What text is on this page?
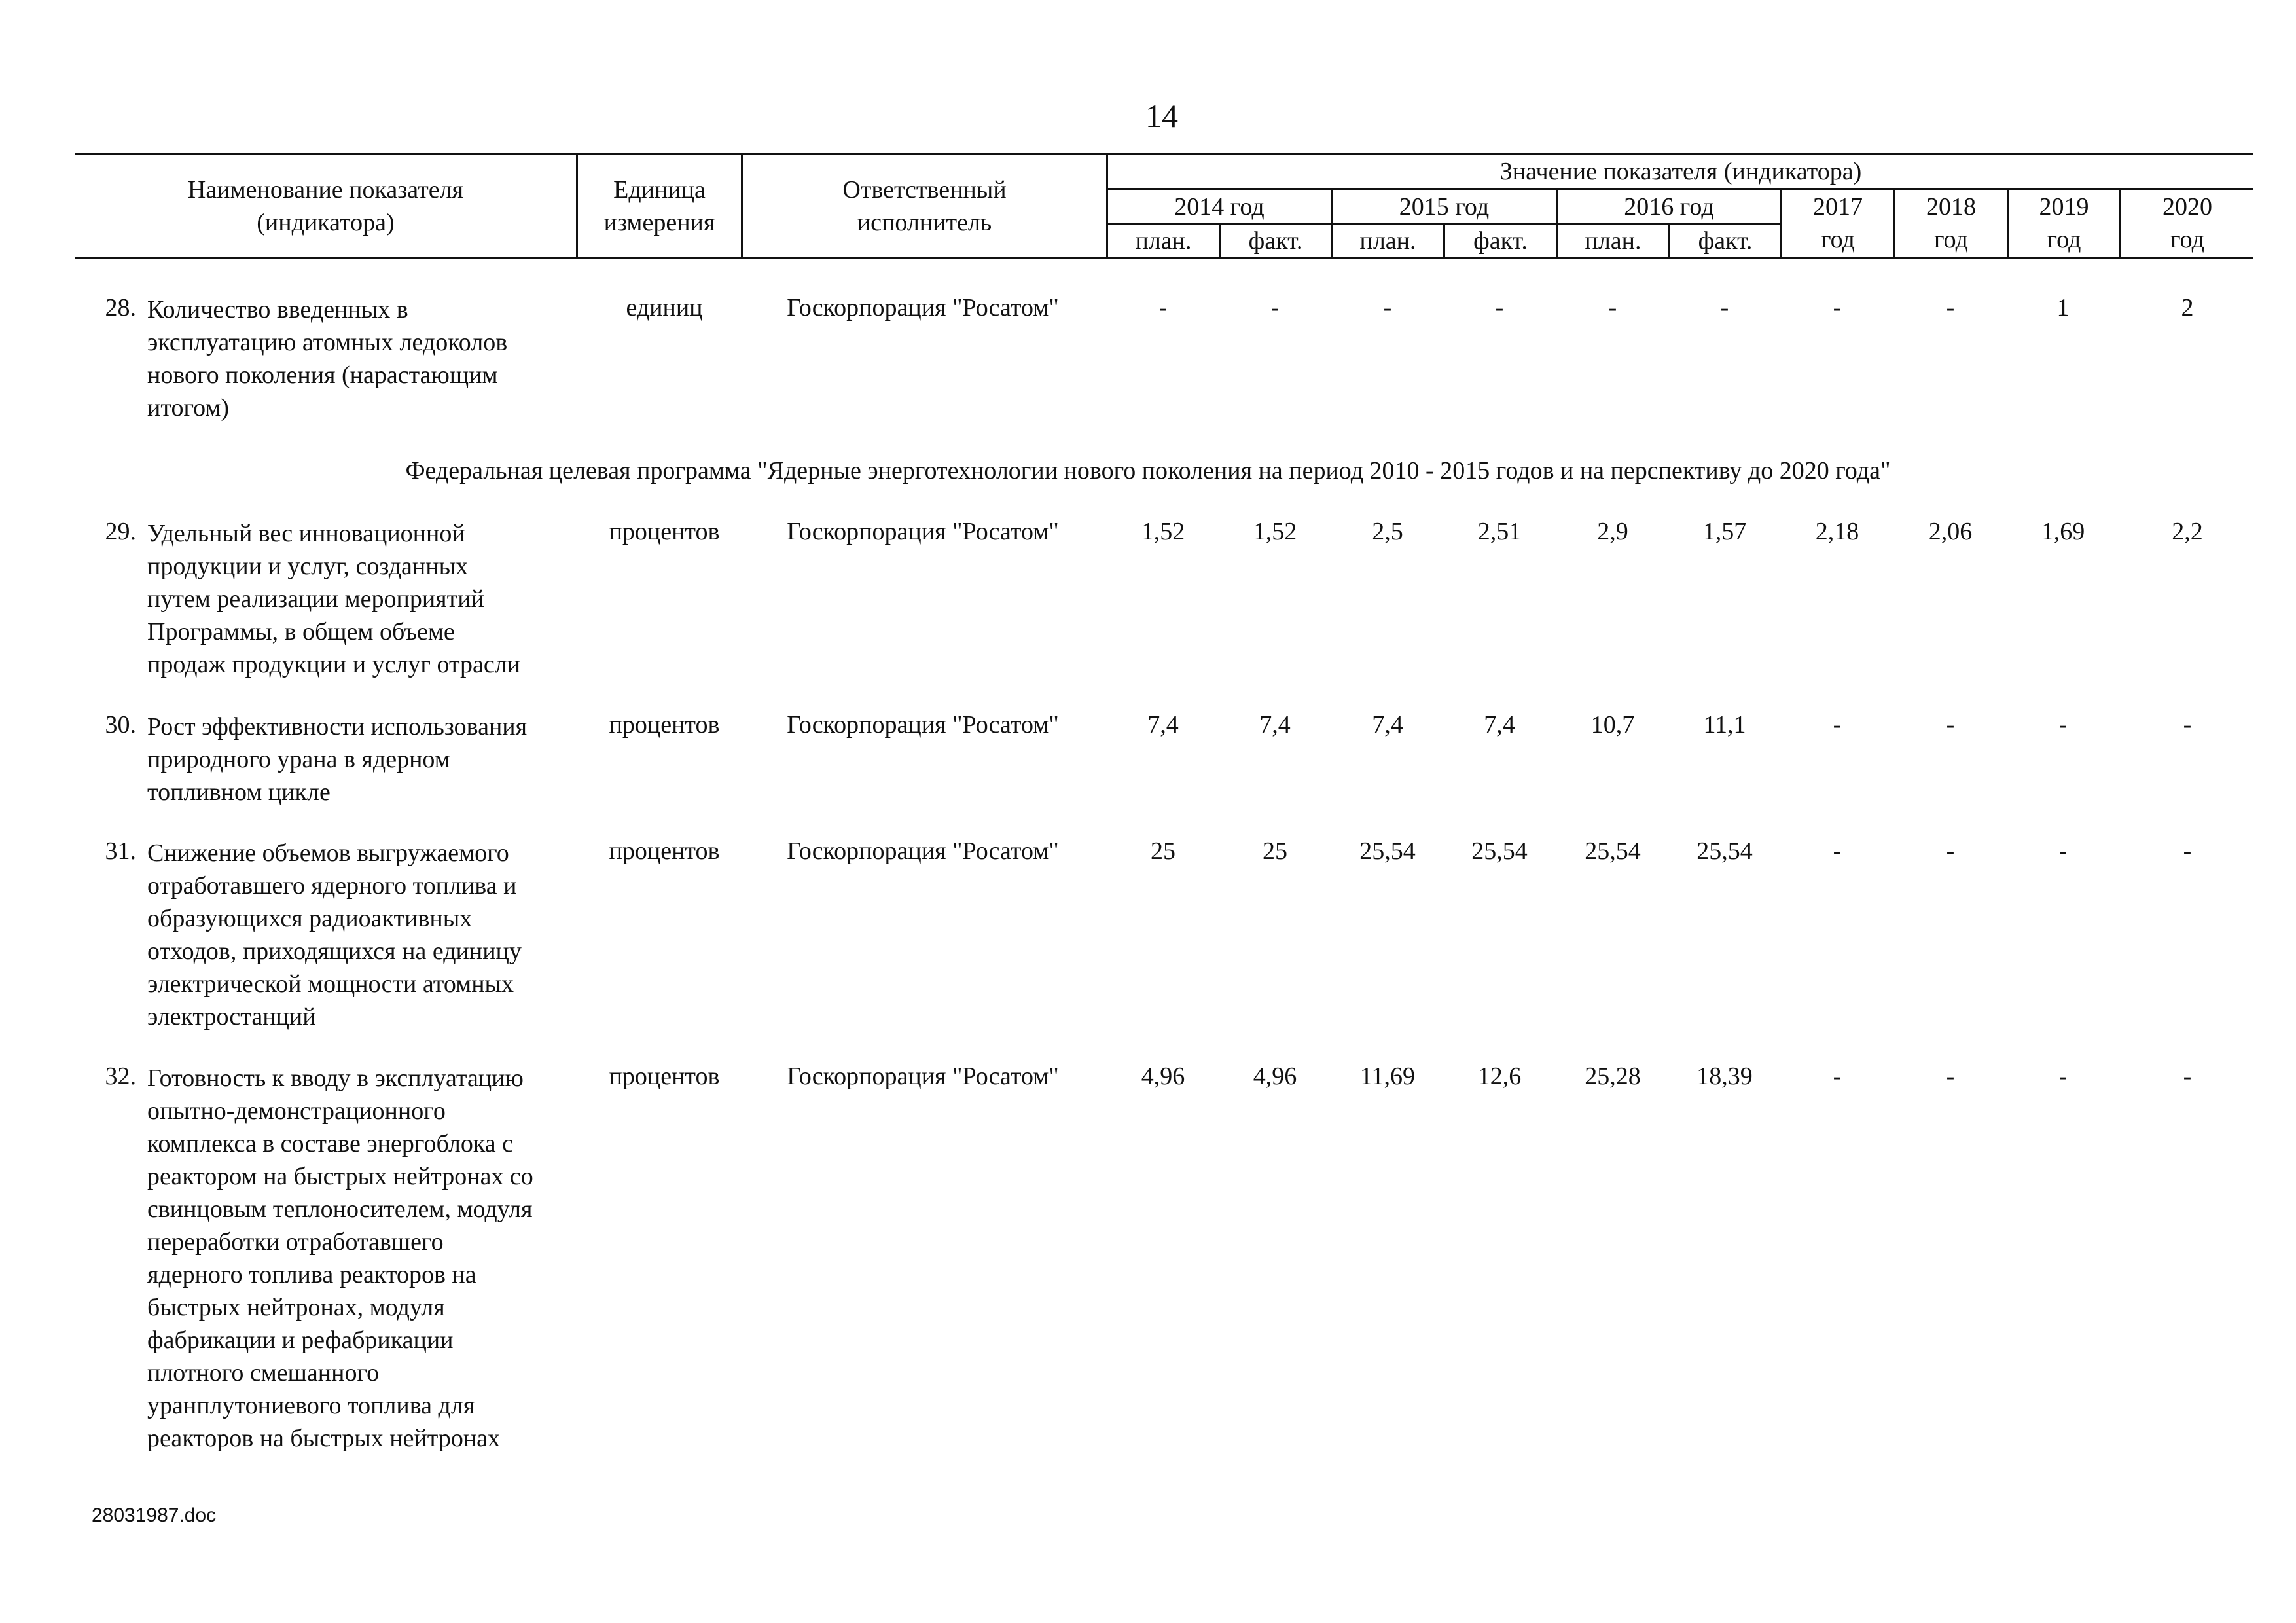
14
Наименование показателя
(индикатора)
Единица
измерения
Ответственный
исполнитель
Значение показателя (индикатора)
2014 год	2015 год	2016 год
план.	факт.	план.	факт.	план.	факт.
2017
год
2018
год
2019
год
2020
год
28. Количество введенных в
эксплуатацию атомных ледоколов
нового поколения (нарастающим
итогом)
единиц	Госкорпорация "Росатом"	-	-	-	-	-	-	-	-	1	2
Федеральная целевая программа "Ядерные энерготехнологии нового поколения на период 2010 - 2015 годов и на перспективу до 2020 года"
29. Удельный вес инновационной
продукции и услуг, созданных
путем реализации мероприятий
Программы, в общем объеме
продаж продукции и услуг отрасли
процентов	Госкорпорация "Росатом"	1,52	1,52	2,5	2,51	2,9	1,57	2,18	2,06	1,69	2,2
30. Рост эффективности использования
природного урана в ядерном
топливном цикле
процентов	Госкорпорация "Росатом"	7,4	7,4	7,4	7,4	10,7	11,1	-	-	-	-
31. Снижение объемов выгружаемого
отработавшего ядерного топлива и
образующихся радиоактивных
отходов, приходящихся на единицу
электрической мощности атомных
электростанций
процентов	Госкорпорация "Росатом"	25	25	25,54	25,54	25,54	25,54	-	-	-	-
32. Готовность к вводу в эксплуатацию
опытно-демонстрационного
комплекса в составе энергоблока с
реактором на быстрых нейтронах со
свинцовым теплоносителем, модуля
переработки отработавшего
ядерного топлива реакторов на
быстрых нейтронах, модуля
фабрикации и рефабрикации
плотного смешанного
уранплутониевого топлива для
реакторов на быстрых нейтронах
процентов	Госкорпорация "Росатом"	4,96	4,96	11,69	12,6	25,28	18,39	-	-	-	-
28031987.doc
